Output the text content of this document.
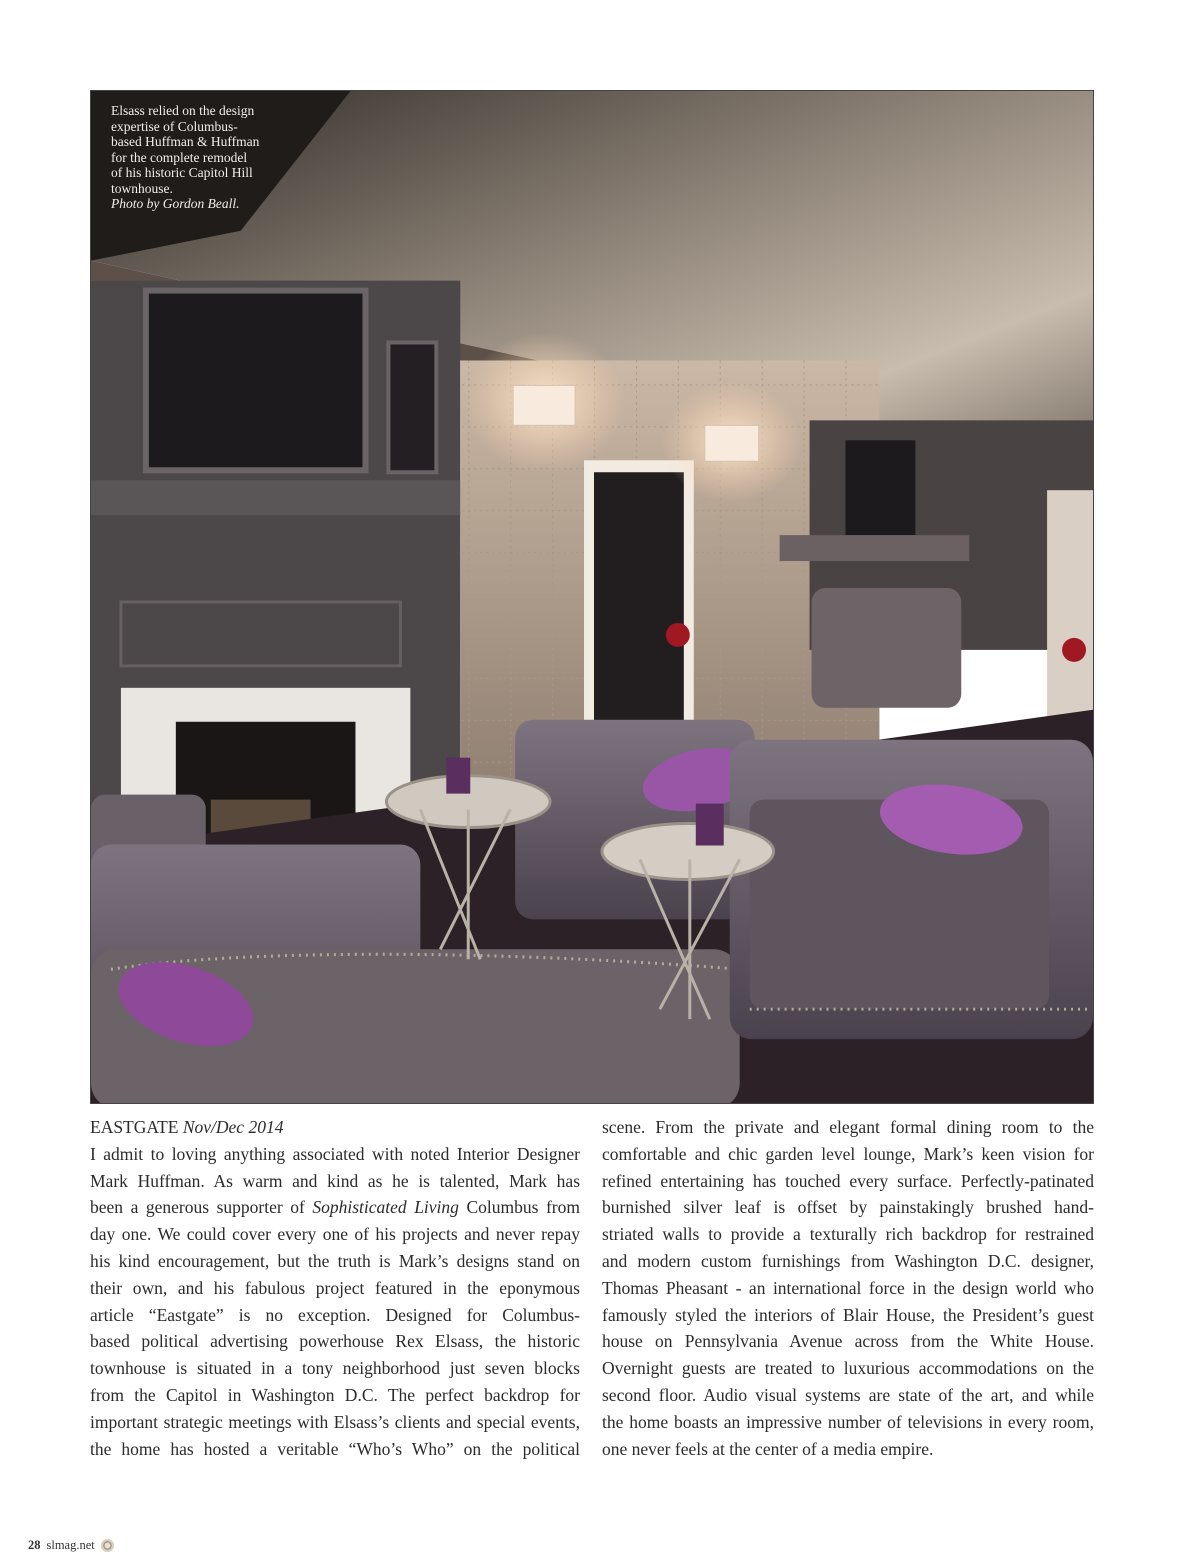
Elsass relied on the design
expertise of Columbus-
based Huffman & Huffman
for the complete remodel
of his historic Capitol Hill
townhouse.
Photo by Gordon Beall.
EASTGATE Nov/Dec 2014
I admit to loving anything associated with noted Interior Designer
Mark Huffman. As warm and kind as he is talented, Mark has
been a generous supporter of Sophisticated Living Columbus from
day one. We could cover every one of his projects and never repay
his kind encouragement, but the truth is Mark’s designs stand on
their own, and his fabulous project featured in the eponymous
article “Eastgate” is no exception. Designed for Columbus-
based political advertising powerhouse Rex Elsass, the historic
townhouse is situated in a tony neighborhood just seven blocks
from the Capitol in Washington D.C. The perfect backdrop for
important strategic meetings with Elsass’s clients and special events,
the home has hosted a veritable “Who’s Who” on the political
scene. From the private and elegant formal dining room to the
comfortable and chic garden level lounge, Mark’s keen vision for
refined entertaining has touched every surface. Perfectly-patinated
burnished silver leaf is offset by painstakingly brushed hand-
striated walls to provide a texturally rich backdrop for restrained
and modern custom furnishings from Washington D.C. designer,
Thomas Pheasant - an international force in the design world who
famously styled the interiors of Blair House, the President’s guest
house on Pennsylvania Avenue across from the White House.
Overnight guests are treated to luxurious accommodations on the
second floor. Audio visual systems are state of the art, and while
the home boasts an impressive number of televisions in every room,
one never feels at the center of a media empire.
28 slmag.net
